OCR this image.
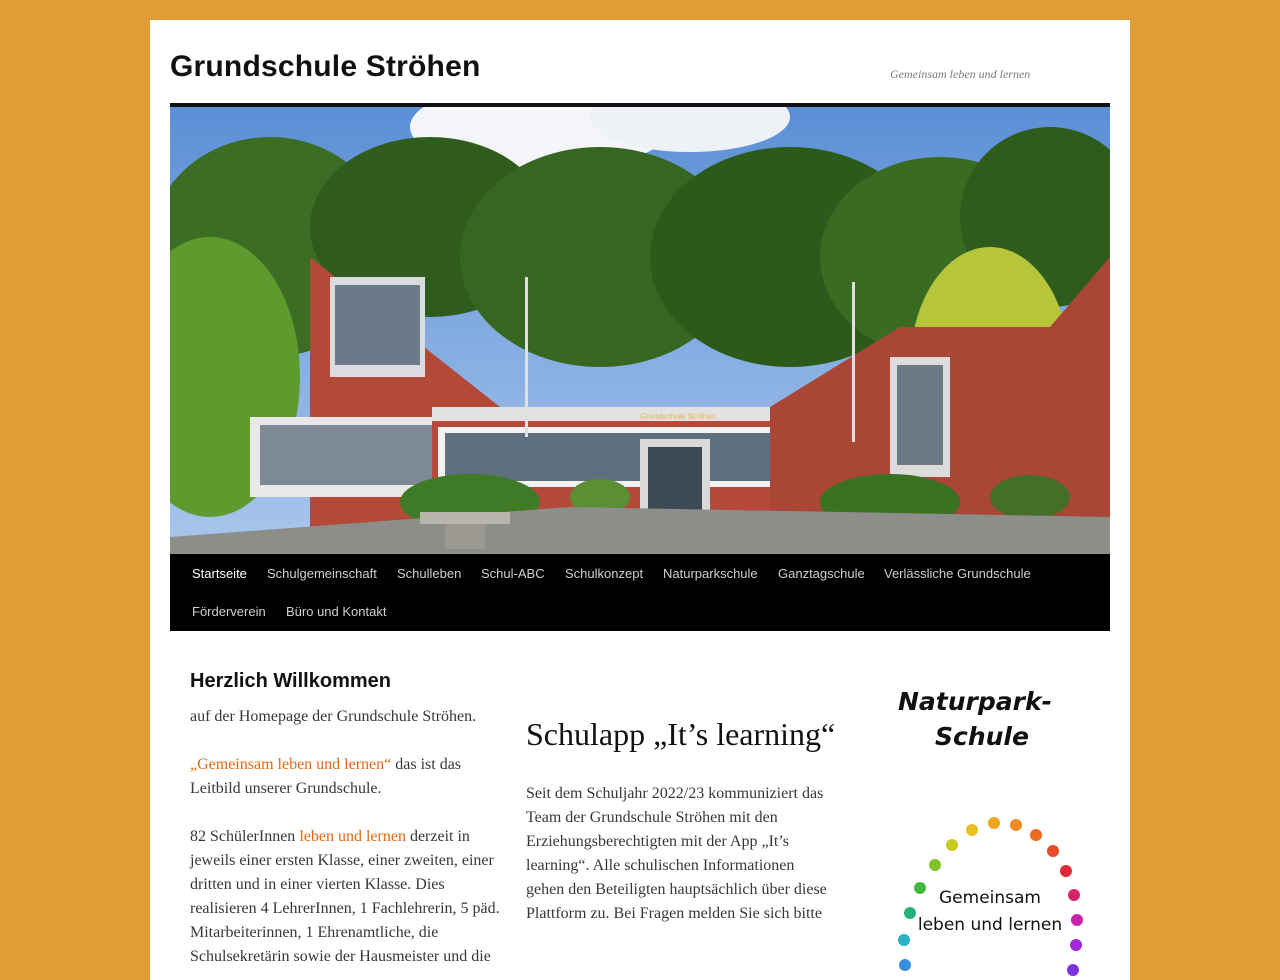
Grundschule Ströhen	Gemeinsam leben und lernen
Grundschule Ströhen
Startseite Schulgemeinschaft Schulleben Schul-ABC Schulkonzept Naturparkschule Ganztagschule Verlässliche Grundschule
Förderverein Büro und Kontakt
Herzlich Willkommen

auf der Homepage der Grundschule Ströhen.

„Gemeinsam leben und lernen“ das ist das Leitbild unserer Grundschule.

82 SchülerInnen leben und lernen derzeit in jeweils einer ersten Klasse, einer zweiten, einer dritten und in einer vierten Klasse. Dies realisieren 4 LehrerInnen, 1 Fachlehrerin, 5 päd. Mitarbeiterinnen, 1 Ehrenamtliche, die Schulsekretärin sowie der Hausmeister und die

Schulapp „It’s learning“

Seit dem Schuljahr 2022/23 kommuniziert das Team der Grundschule Ströhen mit den Erziehungsberechtigten mit der App „It’s learning“. Alle schulischen Informationen gehen den Beteiligten hauptsächlich über diese Plattform zu. Bei Fragen melden Sie sich bitte

Naturpark-
Schule
Gemeinsam
leben und lernen
